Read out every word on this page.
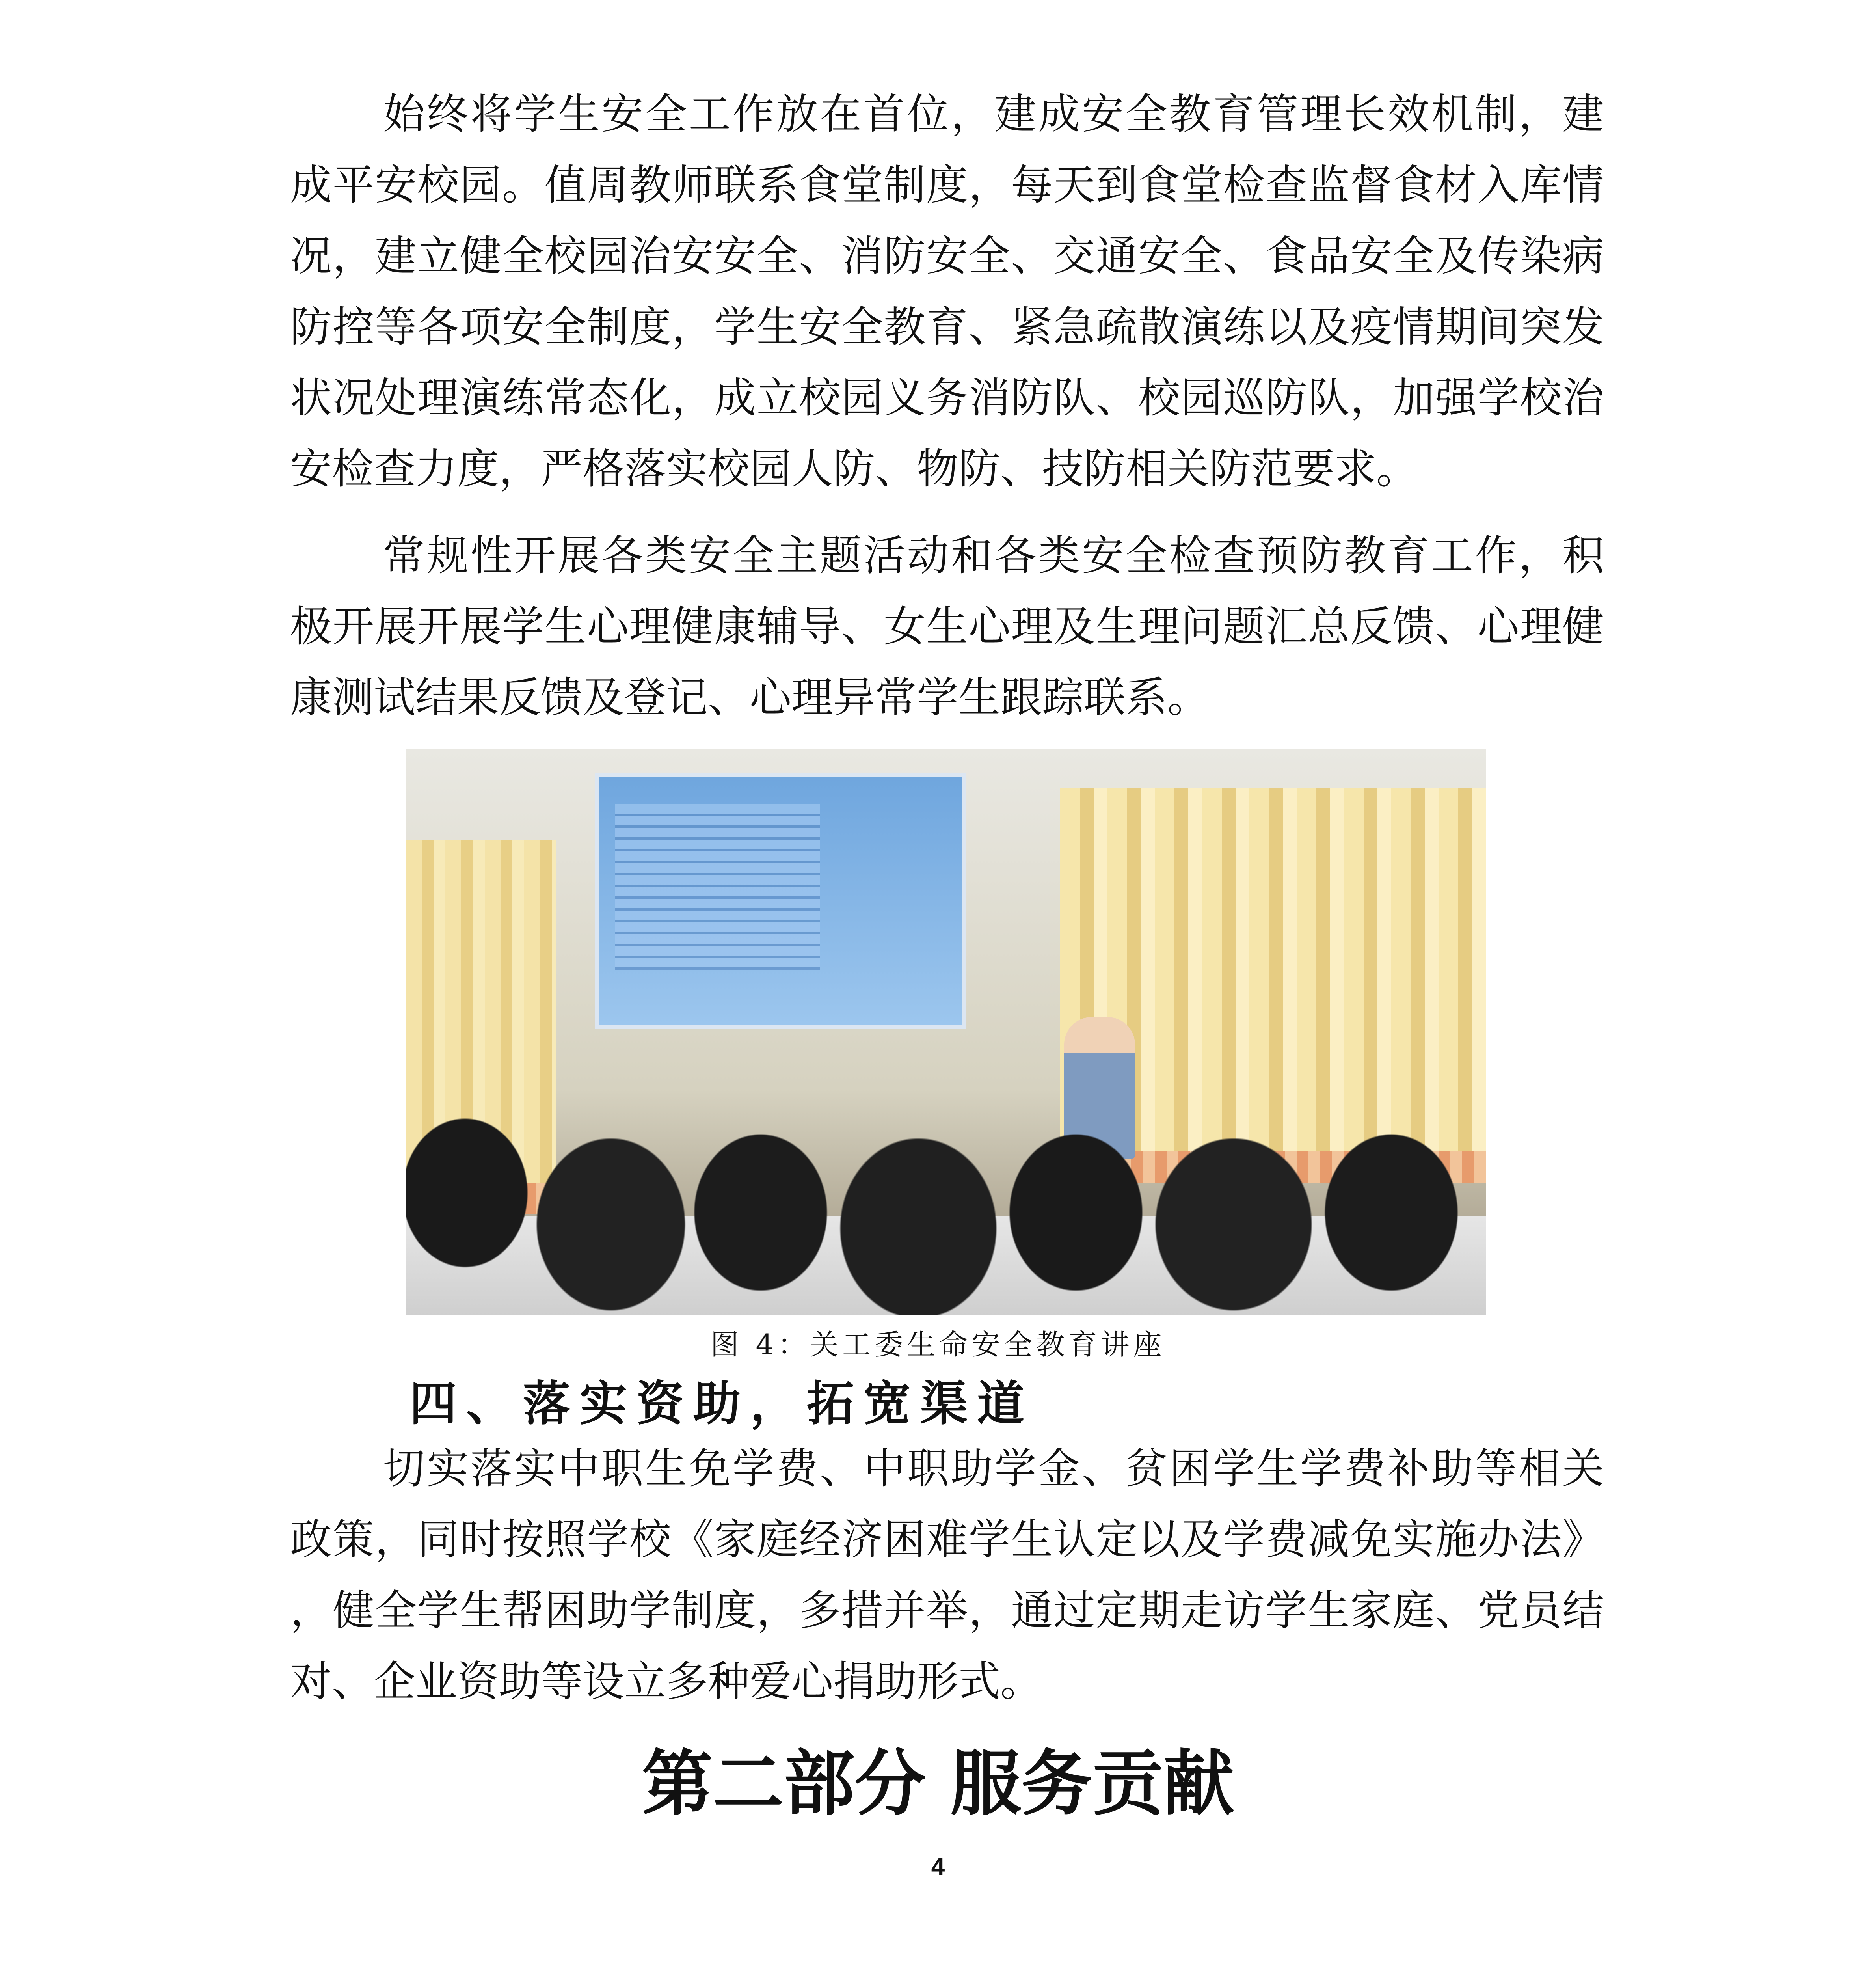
始终将学生安全工作放在首位，建成安全教育管理长效机制，建
成平安校园。值周教师联系食堂制度，每天到食堂检查监督食材入库情
况，建立健全校园治安安全、消防安全、交通安全、食品安全及传染病
防控等各项安全制度，学生安全教育、紧急疏散演练以及疫情期间突发
状况处理演练常态化，成立校园义务消防队、校园巡防队，加强学校治
安检查力度，严格落实校园人防、物防、技防相关防范要求。
常规性开展各类安全主题活动和各类安全检查预防教育工作，积
极开展开展学生心理健康辅导、女生心理及生理问题汇总反馈、心理健
康测试结果反馈及登记、心理异常学生跟踪联系。
图 4：关工委生命安全教育讲座
四、落实资助，拓宽渠道
切实落实中职生免学费、中职助学金、贫困学生学费补助等相关
政策，同时按照学校《家庭经济困难学生认定以及学费减免实施办法》
，健全学生帮困助学制度，多措并举，通过定期走访学生家庭、党员结
对、企业资助等设立多种爱心捐助形式。
第二部分 服务贡献
4
